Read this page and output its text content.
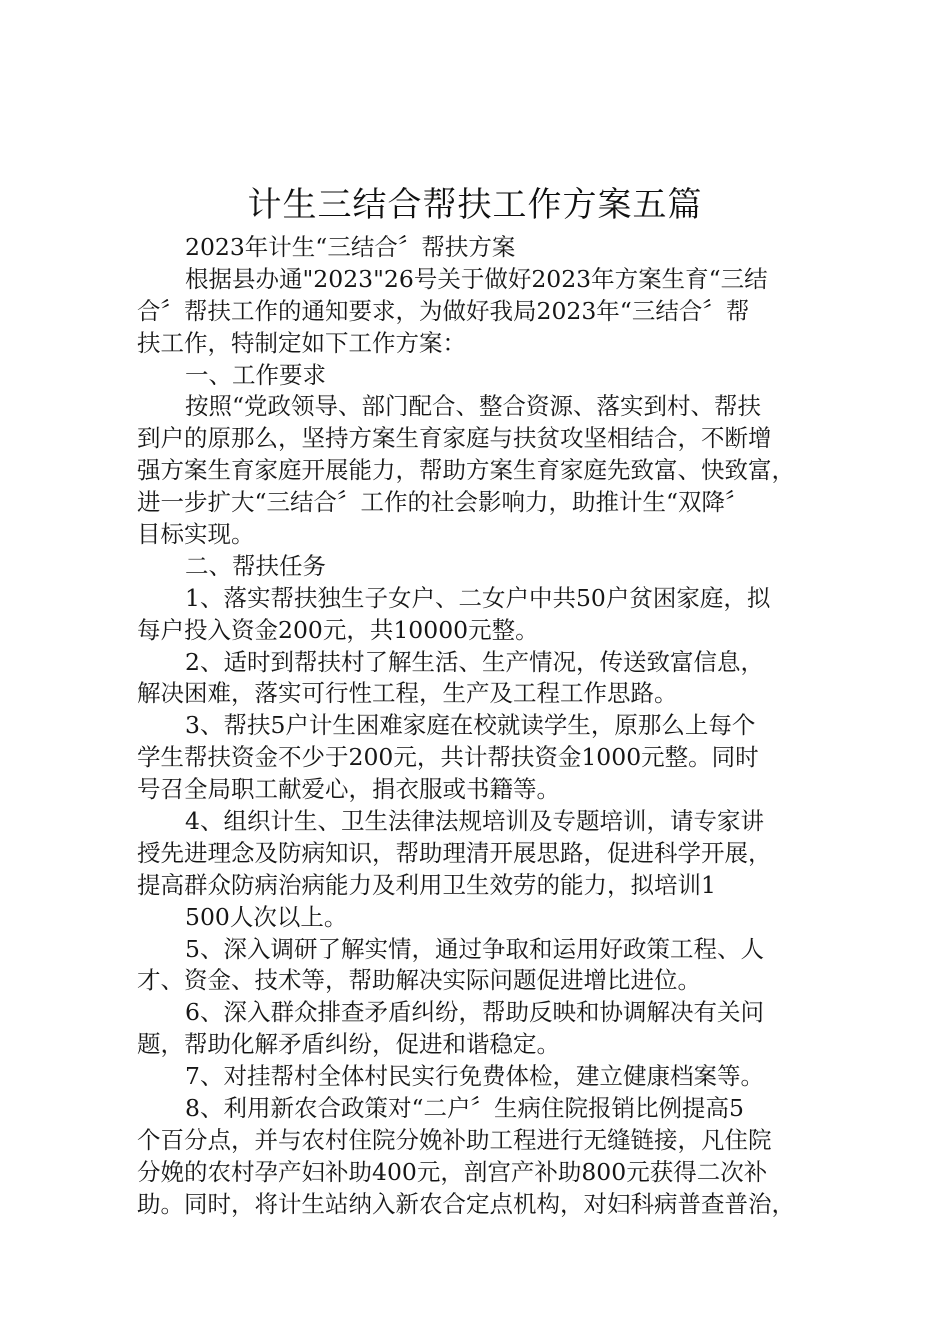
计生三结合帮扶工作方案五篇
2023年计生“三结合〞帮扶方案
根据县办通"2023"26号关于做好2023年方案生育“三结
合〞帮扶工作的通知要求，为做好我局2023年“三结合〞帮
扶工作，特制定如下工作方案：
一、工作要求
按照“党政领导、部门配合、整合资源、落实到村、帮扶
到户的原那么，坚持方案生育家庭与扶贫攻坚相结合，不断增
强方案生育家庭开展能力，帮助方案生育家庭先致富、快致富，
进一步扩大“三结合〞工作的社会影响力，助推计生“双降〞
目标实现。
二、帮扶任务
1、落实帮扶独生子女户、二女户中共50户贫困家庭，拟
每户投入资金200元，共10000元整。
2、适时到帮扶村了解生活、生产情况，传送致富信息，
解决困难，落实可行性工程，生产及工程工作思路。
3、帮扶5户计生困难家庭在校就读学生，原那么上每个
学生帮扶资金不少于200元，共计帮扶资金1000元整。同时
号召全局职工献爱心，捐衣服或书籍等。
4、组织计生、卫生法律法规培训及专题培训，请专家讲
授先进理念及防病知识，帮助理清开展思路，促进科学开展，
提高群众防病治病能力及利用卫生效劳的能力，拟培训1
500人次以上。
5、深入调研了解实情，通过争取和运用好政策工程、人
才、资金、技术等，帮助解决实际问题促进增比进位。
6、深入群众排查矛盾纠纷，帮助反映和协调解决有关问
题，帮助化解矛盾纠纷，促进和谐稳定。
7、对挂帮村全体村民实行免费体检，建立健康档案等。
8、利用新农合政策对“二户〞生病住院报销比例提高5
个百分点，并与农村住院分娩补助工程进行无缝链接，凡住院
分娩的农村孕产妇补助400元，剖宫产补助800元获得二次补
助。同时，将计生站纳入新农合定点机构，对妇科病普查普治，
